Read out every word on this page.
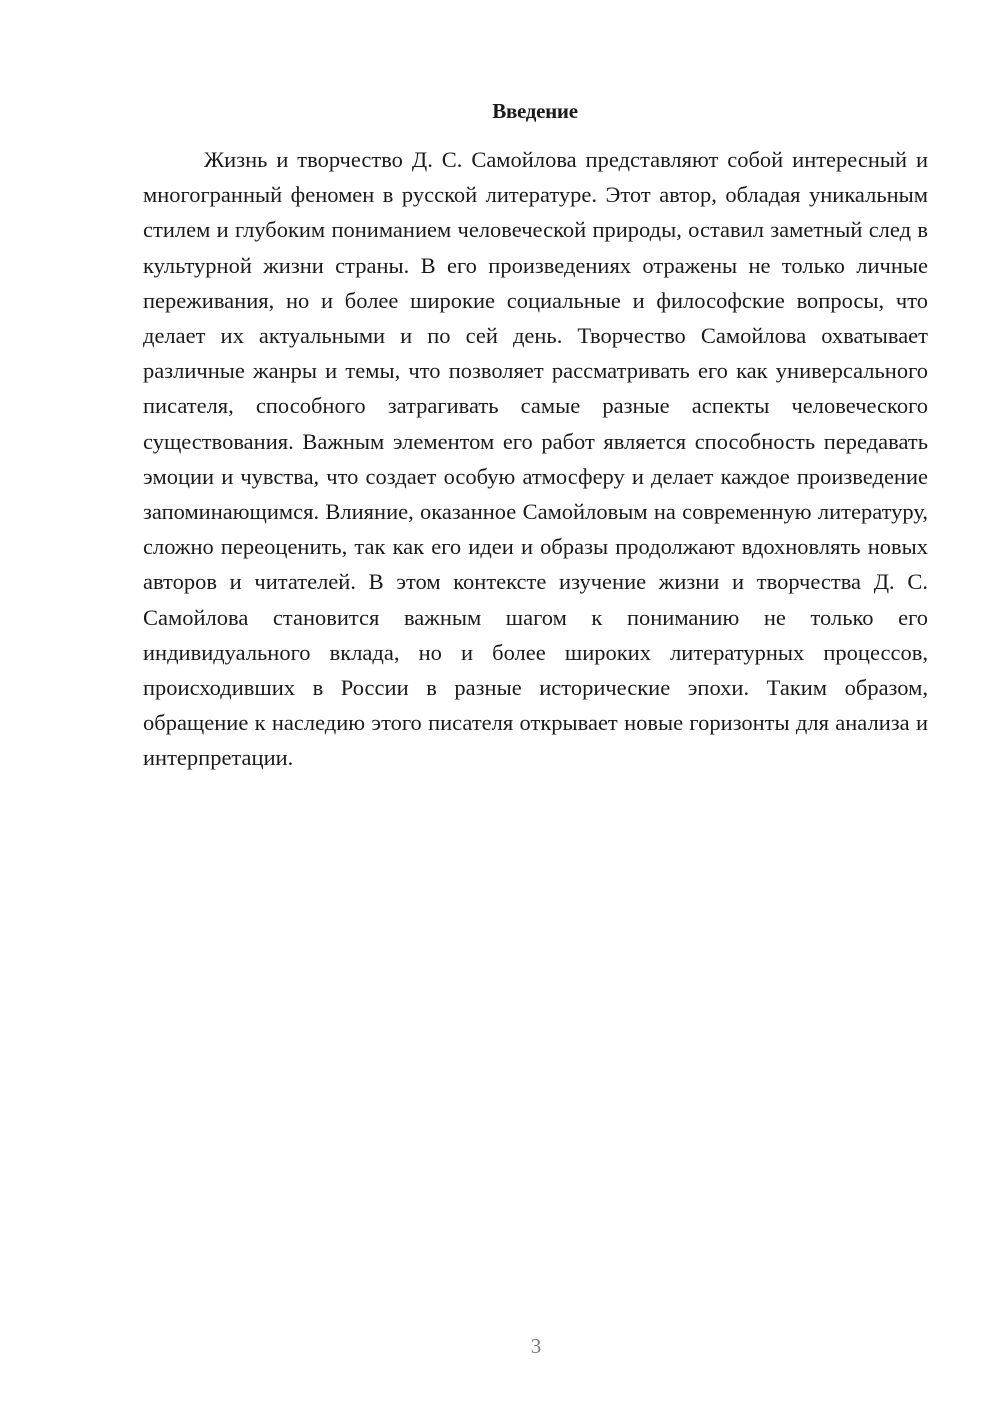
Введение

Жизнь и творчество Д. С. Самойлова представляют собой интересный и многогранный феномен в русской литературе. Этот автор, обладая уникальным стилем и глубоким пониманием человеческой природы, оставил заметный след в культурной жизни страны. В его произведениях отражены не только личные переживания, но и более широкие социальные и философские вопросы, что делает их актуальными и по сей день. Творчество Самойлова охватывает различные жанры и темы, что позволяет рассматривать его как универсального писателя, способного затрагивать самые разные аспекты человеческого существования. Важным элементом его работ является способность передавать эмоции и чувства, что создает особую атмосферу и делает каждое произведение запоминающимся. Влияние, оказанное Самойловым на современную литературу, сложно переоценить, так как его идеи и образы продолжают вдохновлять новых авторов и читателей. В этом контексте изучение жизни и творчества Д. С. Самойлова становится важным шагом к пониманию не только его индивидуального вклада, но и более широких литературных процессов, происходивших в России в разные исторические эпохи. Таким образом, обращение к наследию этого писателя открывает новые горизонты для анализа и интерпретации.

3
